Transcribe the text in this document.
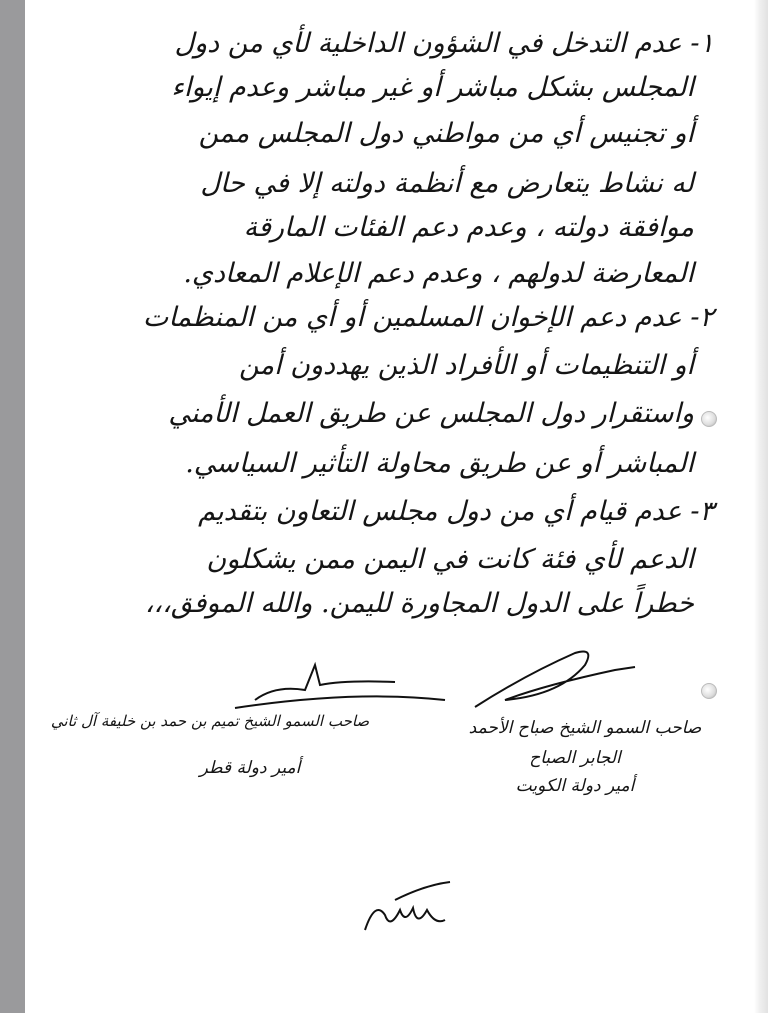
١- عدم التدخل في الشؤون الداخلية لأي من دول
المجلس بشكل مباشر أو غير مباشر وعدم إيواء
أو تجنيس أي من مواطني دول المجلس ممن
له نشاط يتعارض مع أنظمة دولته إلا في حال
موافقة دولته ، وعدم دعم الفئات المارقة
المعارضة لدولهم ، وعدم دعم الإعلام المعادي.
٢- عدم دعم الإخوان المسلمين أو أي من المنظمات
أو التنظيمات أو الأفراد الذين يهددون أمن
واستقرار دول المجلس عن طريق العمل الأمني
المباشر أو عن طريق محاولة التأثير السياسي.
٣- عدم قيام أي من دول مجلس التعاون بتقديم
الدعم لأي فئة كانت في اليمن ممن يشكلون
خطراً على الدول المجاورة لليمن. والله الموفق،،،
صاحب السمو الشيخ صباح الأحمد
الجابر الصباح
أمير دولة الكويت
صاحب السمو الشيخ تميم بن حمد بن خليفة آل ثاني
أمير دولة قطر
